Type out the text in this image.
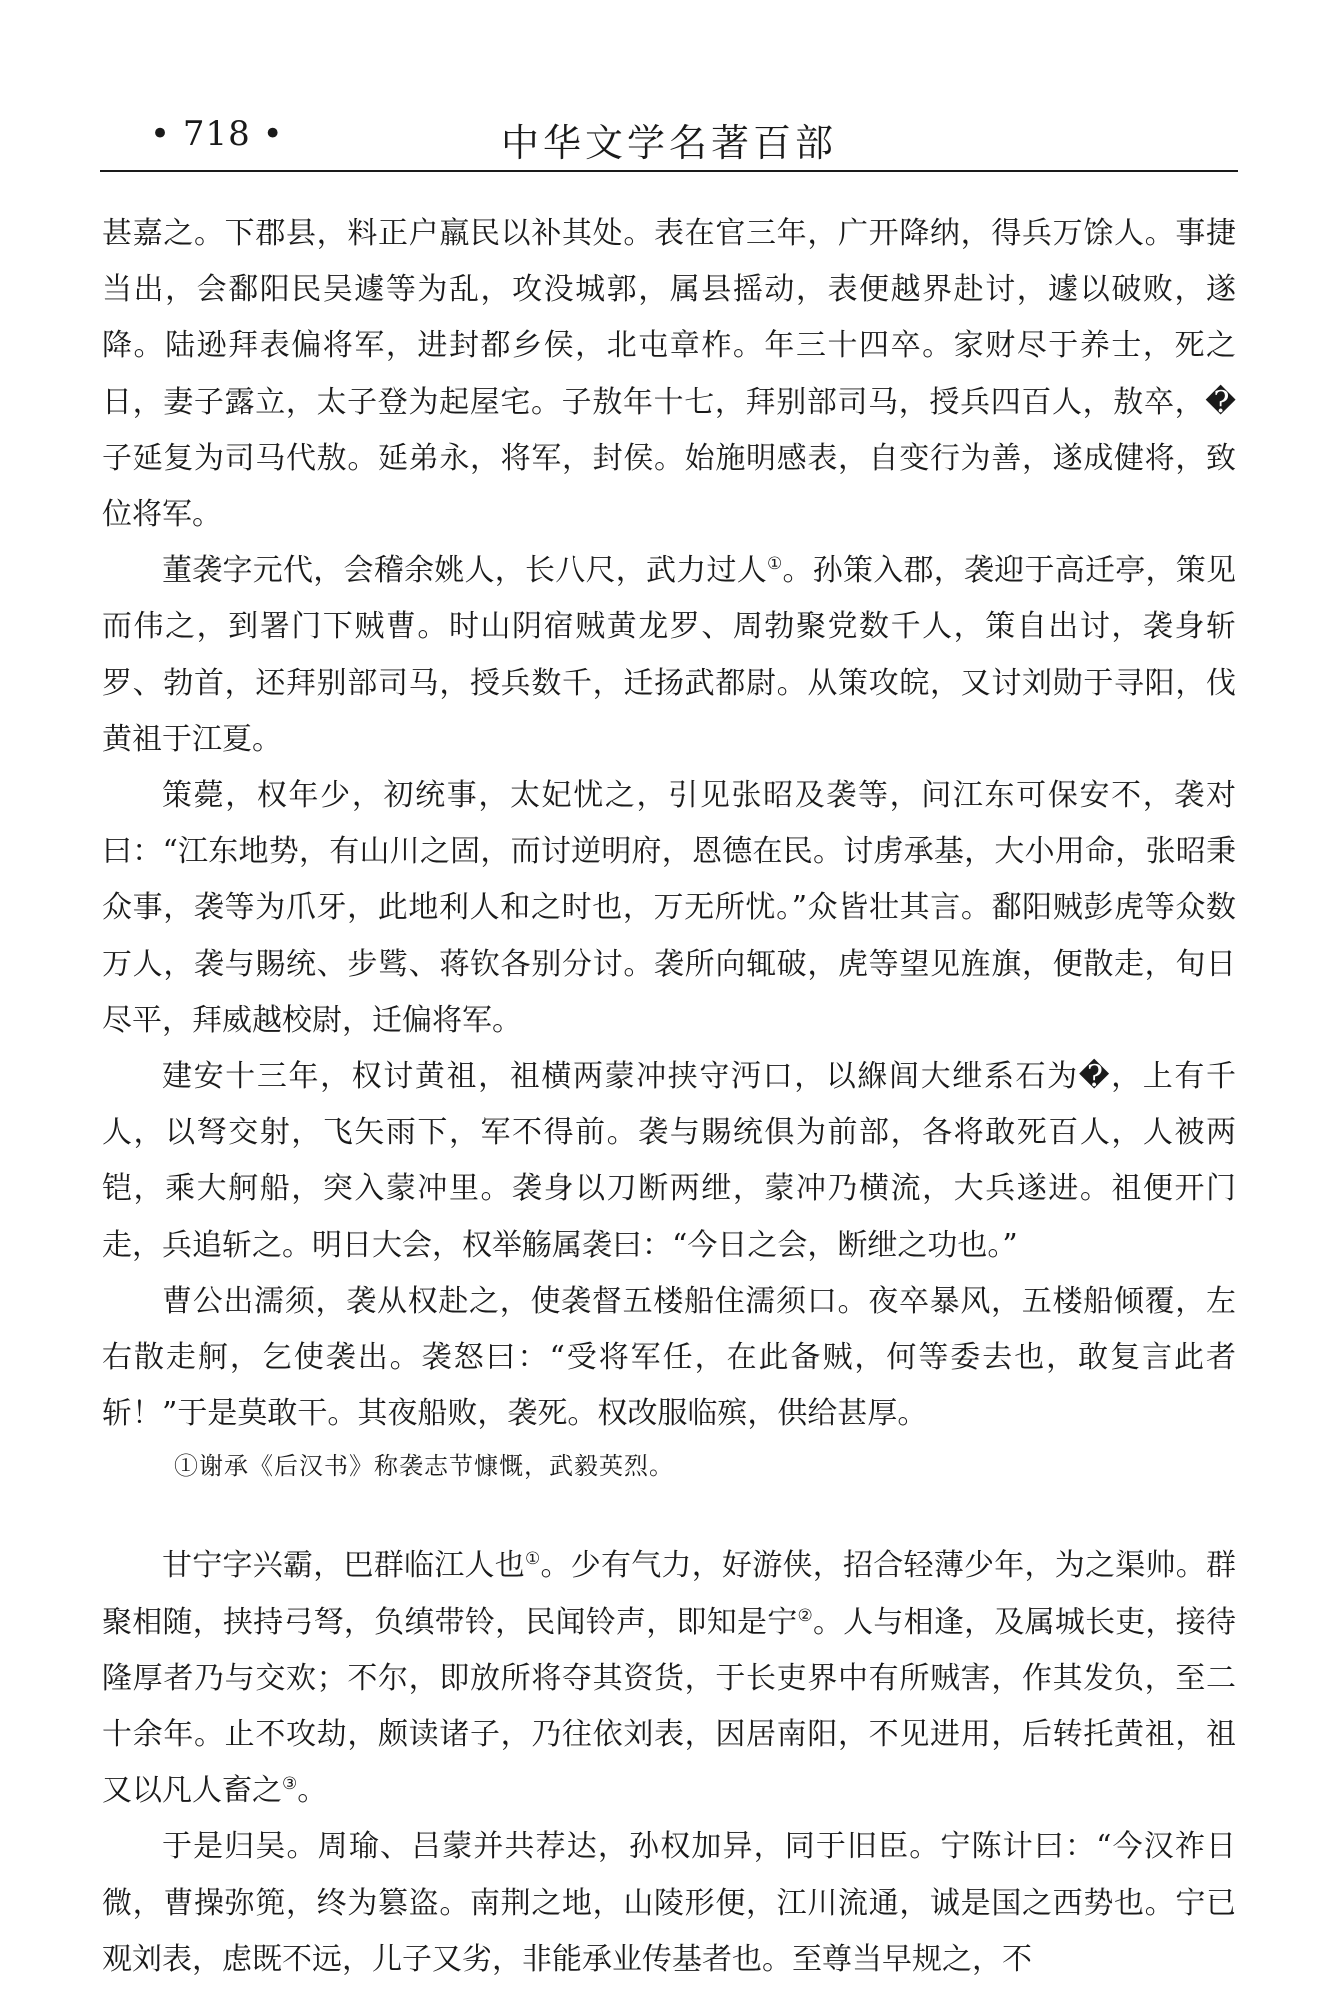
• 718 •	中华文学名著百部

甚嘉之。下郡县，料正户羸民以补其处。表在官三年，广开降纳，得兵万馀人。事捷当出，会鄱阳民吴遽等为乱，攻没城郭，属县摇动，表便越界赴讨，遽以破败，遂降。陆逊拜表偏将军，进封都乡侯，北屯章柞。年三十四卒。家财尽于养士，死之日，妻子露立，太子登为起屋宅。子敖年十七，拜别部司马，授兵四百人，敖卒，�子延复为司马代敖。延弟永，将军，封侯。始施明感表，自变行为善，遂成健将，致位将军。

董袭字元代，会稽余姚人，长八尺，武力过人①。孙策入郡，袭迎于高迁亭，策见而伟之，到署门下贼曹。时山阴宿贼黄龙罗、周勃聚党数千人，策自出讨，袭身斩罗、勃首，还拜别部司马，授兵数千，迁扬武都尉。从策攻皖，又讨刘勋于寻阳，伐黄祖于江夏。

策薨，权年少，初统事，太妃忧之，引见张昭及袭等，问江东可保安不，袭对曰：“江东地势，有山川之固，而讨逆明府，恩德在民。讨虏承基，大小用命，张昭秉众事，袭等为爪牙，此地利人和之时也，万无所忧。”众皆壮其言。鄱阳贼彭虎等众数万人，袭与賜统、步骘、蒋钦各别分讨。袭所向辄破，虎等望见旌旗，便散走，旬日尽平，拜威越校尉，迁偏将军。

建安十三年，权讨黄祖，祖横两蒙冲挟守沔口，以緥闾大绁系石为�，上有千人，以弩交射，飞矢雨下，军不得前。袭与賜统俱为前部，各将敢死百人，人被两铠，乘大舸船，突入蒙冲里。袭身以刀断两绁，蒙冲乃横流，大兵遂进。祖便开门走，兵追斩之。明日大会，权举觞属袭曰：“今日之会，断绁之功也。”

曹公出濡须，袭从权赴之，使袭督五楼船住濡须口。夜卒暴风，五楼船倾覆，左右散走舸，乞使袭出。袭怒曰：“受将军任，在此备贼，何等委去也，敢复言此者斩！”于是莫敢干。其夜船败，袭死。权改服临殡，供给甚厚。

①谢承《后汉书》称袭志节慷慨，武毅英烈。

甘宁字兴霸，巴群临江人也①。少有气力，好游侠，招合轻薄少年，为之渠帅。群聚相随，挟持弓弩，负缜带铃，民闻铃声，即知是宁②。人与相逢，及属城长吏，接待隆厚者乃与交欢；不尔，即放所将夺其资货，于长吏界中有所贼害，作其发负，至二十余年。止不攻劫，颇读诸子，乃往依刘表，因居南阳，不见进用，后转托黄祖，祖又以凡人畜之③。

于是归吴。周瑜、吕蒙并共荐达，孙权加异，同于旧臣。宁陈计曰：“今汉祚日微，曹操弥篼，终为篡盗。南荆之地，山陵形便，江川流通，诚是国之西势也。宁已观刘表，虑既不远，儿子又劣，非能承业传基者也。至尊当早规之，不
